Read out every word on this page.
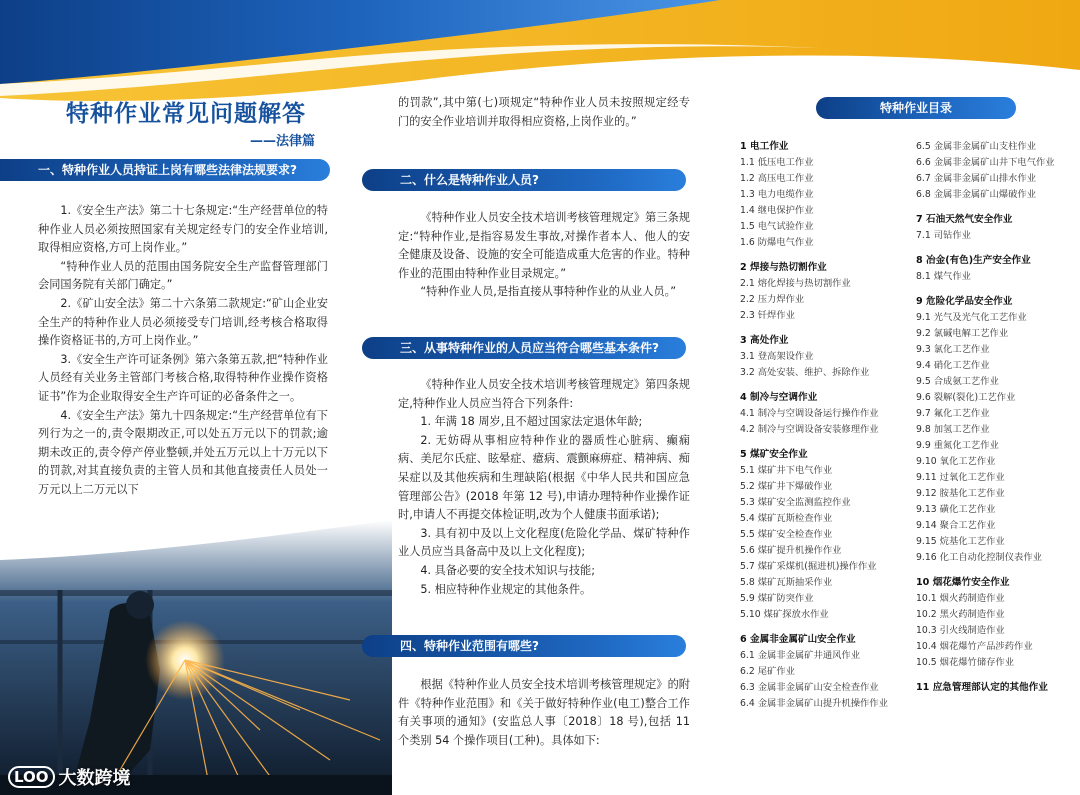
特种作业常见问题解答
——法律篇
一、特种作业人员持证上岗有哪些法律法规要求?

1.《安全生产法》第二十七条规定:“生产经营单位的特种作业人员必须按照国家有关规定经专门的安全作业培训,取得相应资格,方可上岗作业。”

“特种作业人员的范围由国务院安全生产监督管理部门会同国务院有关部门确定。”

2.《矿山安全法》第二十六条第二款规定:“矿山企业安全生产的特种作业人员必须接受专门培训,经考核合格取得操作资格证书的,方可上岗作业。”

3.《安全生产许可证条例》第六条第五款,把“特种作业人员经有关业务主管部门考核合格,取得特种作业操作资格证书”作为企业取得安全生产许可证的必备条件之一。

4.《安全生产法》第九十四条规定:“生产经营单位有下列行为之一的,责令限期改正,可以处五万元以下的罚款;逾期未改正的,责令停产停业整顿,并处五万元以上十万元以下的罚款,对其直接负责的主管人员和其他直接责任人员处一万元以上二万元以下

LOO 大数跨境

的罚款”,其中第(七)项规定“特种作业人员未按照规定经专门的安全作业培训并取得相应资格,上岗作业的。”

二、什么是特种作业人员?

《特种作业人员安全技术培训考核管理规定》第三条规定:“特种作业,是指容易发生事故,对操作者本人、他人的安全健康及设备、设施的安全可能造成重大危害的作业。特种作业的范围由特种作业目录规定。”

“特种作业人员,是指直接从事特种作业的从业人员。”

三、从事特种作业的人员应当符合哪些基本条件?

《特种作业人员安全技术培训考核管理规定》第四条规定,特种作业人员应当符合下列条件:

1. 年满 18 周岁,且不超过国家法定退休年龄;

2. 无妨碍从事相应特种作业的器质性心脏病、癫痫病、美尼尔氏症、眩晕症、癔病、震颤麻痹症、精神病、痴呆症以及其他疾病和生理缺陷(根据《中华人民共和国应急管理部公告》(2018 年第 12 号),申请办理特种作业操作证时,申请人不再提交体检证明,改为个人健康书面承诺);

3. 具有初中及以上文化程度(危险化学品、煤矿特种作业人员应当具备高中及以上文化程度);

4. 具备必要的安全技术知识与技能;

5. 相应特种作业规定的其他条件。

四、特种作业范围有哪些?

根据《特种作业人员安全技术培训考核管理规定》的附件《特种作业范围》和《关于做好特种作业(电工)整合工作有关事项的通知》(安监总人事〔2018〕18 号),包括 11 个类别 54 个操作项目(工种)。具体如下:

特种作业目录
1 电工作业
1.1 低压电工作业
1.2 高压电工作业
1.3 电力电缆作业
1.4 继电保护作业
1.5 电气试验作业
1.6 防爆电气作业
2 焊接与热切割作业
2.1 熔化焊接与热切割作业
2.2 压力焊作业
2.3 钎焊作业
3 高处作业
3.1 登高架设作业
3.2 高处安装、维护、拆除作业
4 制冷与空调作业
4.1 制冷与空调设备运行操作作业
4.2 制冷与空调设备安装修理作业
5 煤矿安全作业
5.1 煤矿井下电气作业
5.2 煤矿井下爆破作业
5.3 煤矿安全监测监控作业
5.4 煤矿瓦斯检查作业
5.5 煤矿安全检查作业
5.6 煤矿提升机操作作业
5.7 煤矿采煤机(掘进机)操作作业
5.8 煤矿瓦斯抽采作业
5.9 煤矿防突作业
5.10 煤矿探放水作业
6 金属非金属矿山安全作业
6.1 金属非金属矿井通风作业
6.2 尾矿作业
6.3 金属非金属矿山安全检查作业
6.4 金属非金属矿山提升机操作作业
6.5 金属非金属矿山支柱作业
6.6 金属非金属矿山井下电气作业
6.7 金属非金属矿山排水作业
6.8 金属非金属矿山爆破作业
7 石油天然气安全作业
7.1 司钻作业
8 冶金(有色)生产安全作业
8.1 煤气作业
9 危险化学品安全作业
9.1 光气及光气化工艺作业
9.2 氯碱电解工艺作业
9.3 氯化工艺作业
9.4 硝化工艺作业
9.5 合成氨工艺作业
9.6 裂解(裂化)工艺作业
9.7 氟化工艺作业
9.8 加氢工艺作业
9.9 重氮化工艺作业
9.10 氧化工艺作业
9.11 过氧化工艺作业
9.12 胺基化工艺作业
9.13 磺化工艺作业
9.14 聚合工艺作业
9.15 烷基化工艺作业
9.16 化工自动化控制仪表作业
10 烟花爆竹安全作业
10.1 烟火药制造作业
10.2 黑火药制造作业
10.3 引火线制造作业
10.4 烟花爆竹产品涉药作业
10.5 烟花爆竹储存作业
11 应急管理部认定的其他作业
